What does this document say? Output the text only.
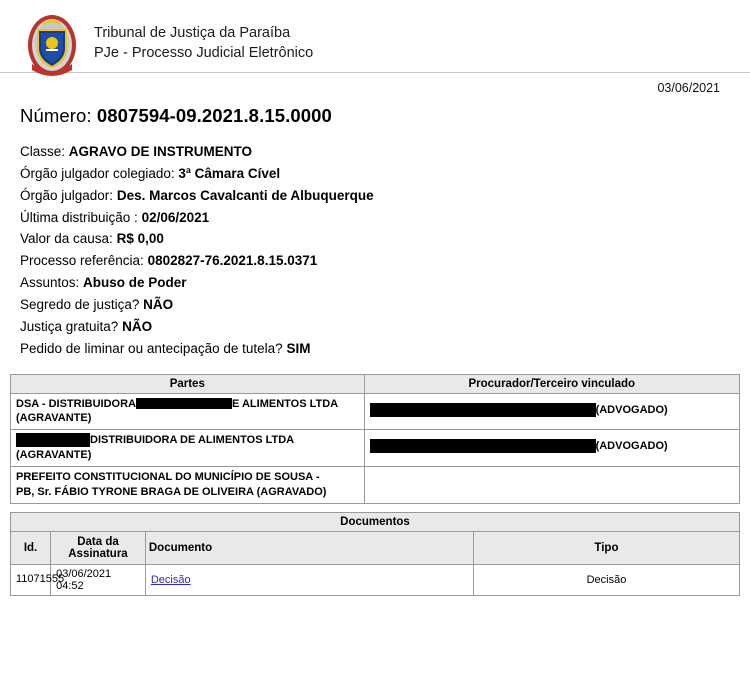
Tribunal de Justiça da Paraíba
PJe - Processo Judicial Eletrônico
03/06/2021
Número: 0807594-09.2021.8.15.0000
Classe: AGRAVO DE INSTRUMENTO
Órgão julgador colegiado: 3ª Câmara Cível
Órgão julgador: Des. Marcos Cavalcanti de Albuquerque
Última distribuição : 02/06/2021
Valor da causa: R$ 0,00
Processo referência: 0802827-76.2021.8.15.0371
Assuntos: Abuso de Poder
Segredo de justiça? NÃO
Justiça gratuita? NÃO
Pedido de liminar ou antecipação de tutela? SIM
Partes	Procurador/Terceiro vinculado
DSA - DISTRIBUIDORA E ALIMENTOS LTDA
(AGRAVANTE)	(ADVOGADO)
DISTRIBUIDORA DE ALIMENTOS LTDA
(AGRAVANTE)	(ADVOGADO)
PREFEITO CONSTITUCIONAL DO MUNICÍPIO DE SOUSA -
PB, Sr. FÁBIO TYRONE BRAGA DE OLIVEIRA (AGRAVADO)	

Documentos			
Id.	Data da Assinatura	Documento	Tipo
11071555	03/06/2021 04:52	Decisão	Decisão
